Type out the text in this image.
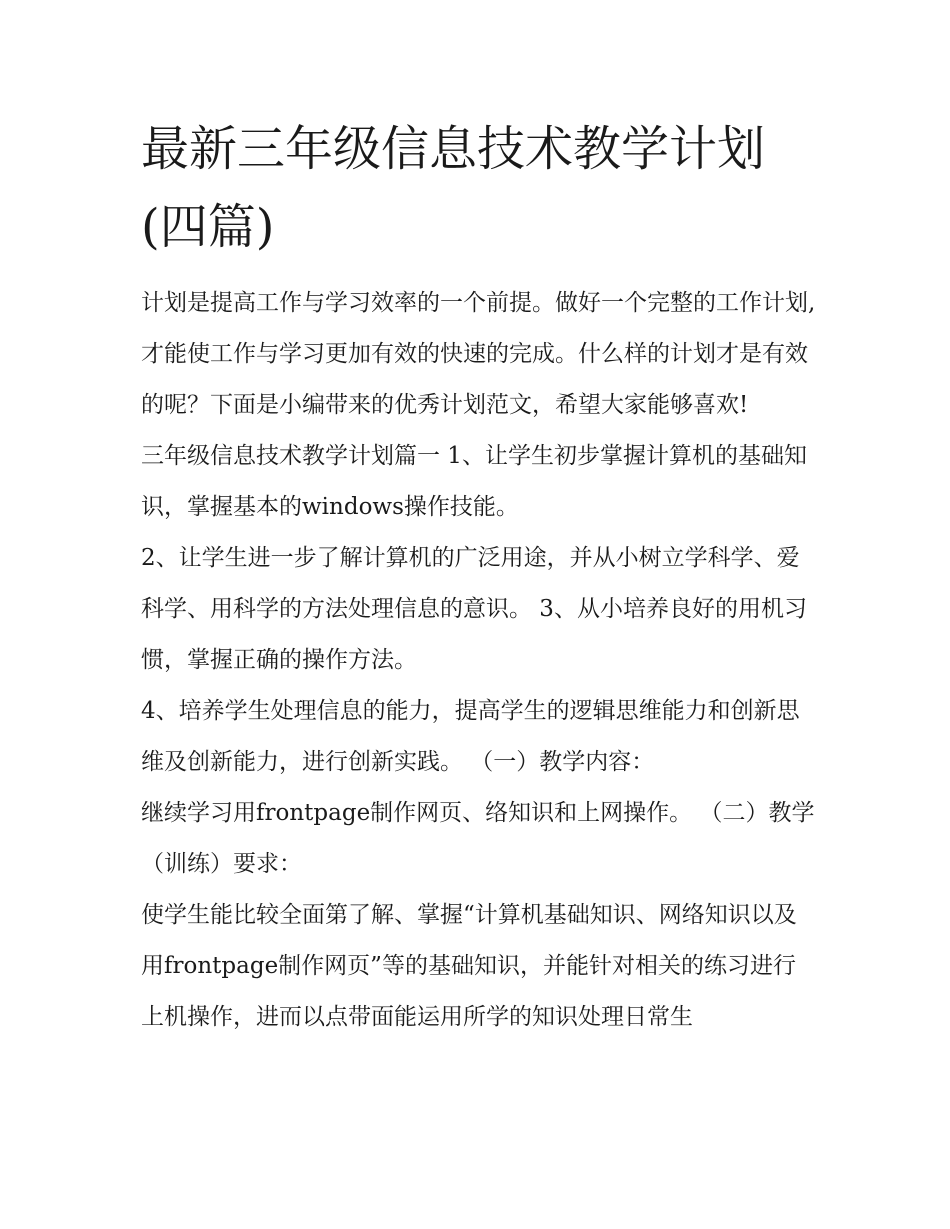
最新三年级信息技术教学计划(四篇)

计划是提高工作与学习效率的一个前提。做好一个完整的工作计划,才能使工作与学习更加有效的快速的完成。什么样的计划才是有效的呢？下面是小编带来的优秀计划范文，希望大家能够喜欢!

三年级信息技术教学计划篇一 1、让学生初步掌握计算机的基础知识，掌握基本的windows操作技能。

2、让学生进一步了解计算机的广泛用途，并从小树立学科学、爱科学、用科学的方法处理信息的意识。 3、从小培养良好的用机习惯，掌握正确的操作方法。

4、培养学生处理信息的能力，提高学生的逻辑思维能力和创新思维及创新能力，进行创新实践。 （一）教学内容：

继续学习用frontpage制作网页、络知识和上网操作。 （二）教学（训练）要求：

使学生能比较全面第了解、掌握“计算机基础知识、网络知识以及用frontpage制作网页”等的基础知识，并能针对相关的练习进行上机操作，进而以点带面能运用所学的知识处理日常生
